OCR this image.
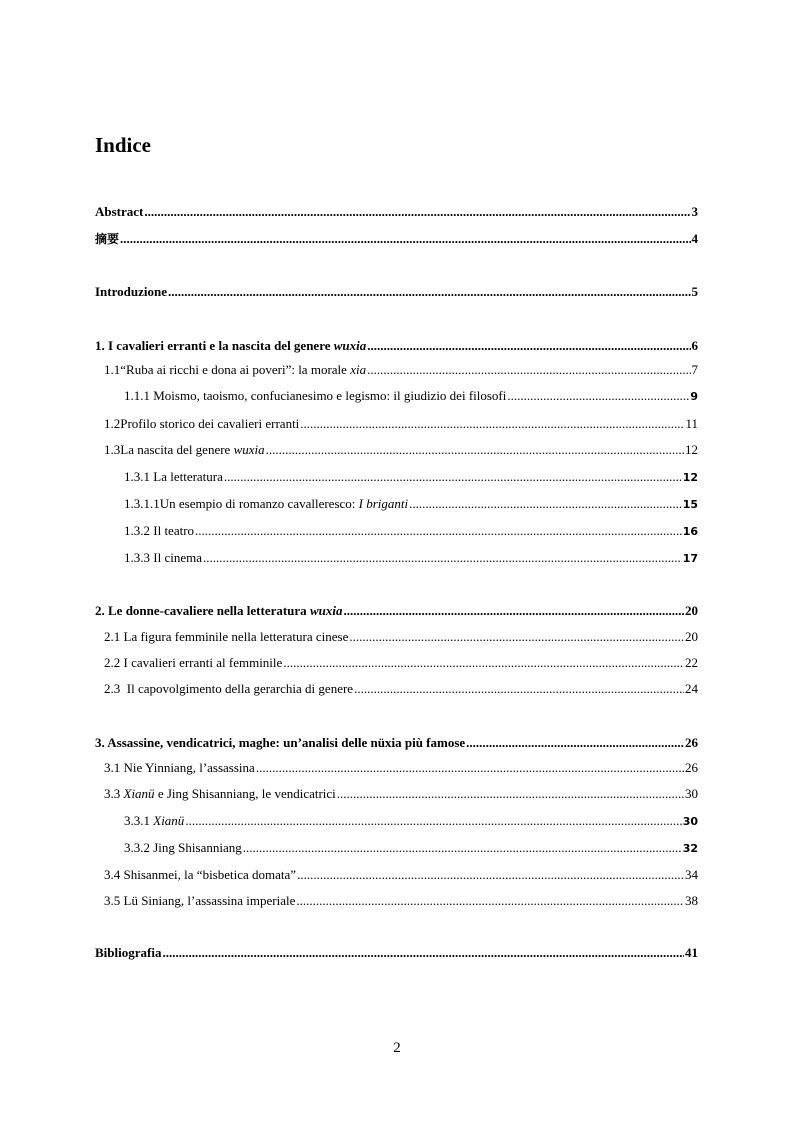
Indice
Abstract .....	3
摘要 .....	4
Introduzione .....	5
1. I cavalieri erranti e la nascita del genere wuxia .....	6
1.1 “Ruba ai ricchi e dona ai poveri”: la morale xia .....	7
1.1.1 Moismo, taoismo, confucianesimo e legismo: il giudizio dei filosofi .....	9
1.2 Profilo storico dei cavalieri erranti .....	11
1.3 La nascita del genere wuxia .....	12
1.3.1 La letteratura .....	12
1.3.1.1 Un esempio di romanzo cavalleresco: I briganti .....	15
1.3.2 Il teatro .....	16
1.3.3 Il cinema .....	17
2. Le donne-cavaliere nella letteratura wuxia .....	20
2.1 La figura femminile nella letteratura cinese .....	20
2.2 I cavalieri erranti al femminile .....	22
2.3  Il capovolgimento della gerarchia di genere .....	24
3. Assassine, vendicatrici, maghe: un’analisi delle nüxia più famose .....	26
3.1 Nie Yinniang, l’assassina .....	26
3.3 Xianü e Jing Shisanniang, le vendicatrici .....	30
3.3.1 Xianü .....	30
3.3.2 Jing Shisanniang .....	32
3.4 Shisanmei, la “bisbetica domata” .....	34
3.5 Lü Siniang, l’assassina imperiale .....	38
Bibliografia .....	41
2
